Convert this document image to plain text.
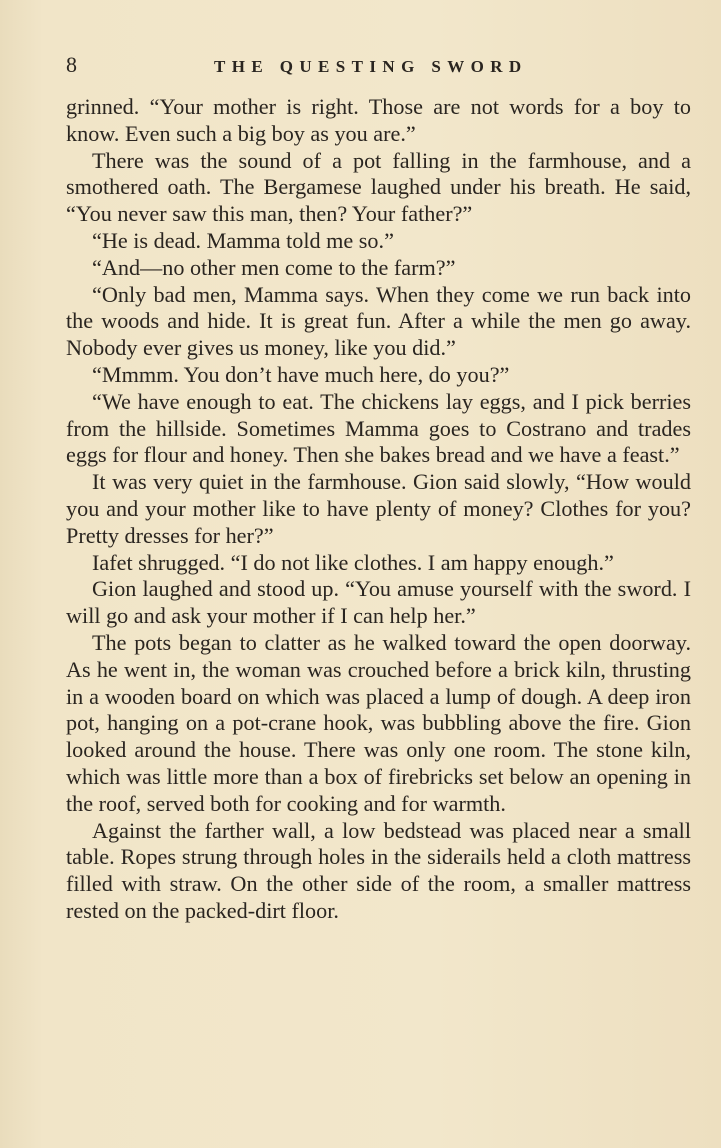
8	THE QUESTING SWORD

grinned. “Your mother is right. Those are not words for a boy to know. Even such a big boy as you are.”

There was the sound of a pot falling in the farmhouse, and a smothered oath. The Bergamese laughed under his breath. He said, “You never saw this man, then? Your father?”

“He is dead. Mamma told me so.”

“And—no other men come to the farm?”

“Only bad men, Mamma says. When they come we run back into the woods and hide. It is great fun. After a while the men go away. Nobody ever gives us money, like you did.”

“Mmmm. You don’t have much here, do you?”

“We have enough to eat. The chickens lay eggs, and I pick berries from the hillside. Sometimes Mamma goes to Costrano and trades eggs for flour and honey. Then she bakes bread and we have a feast.”

It was very quiet in the farmhouse. Gion said slowly, “How would you and your mother like to have plenty of money? Clothes for you? Pretty dresses for her?”

Iafet shrugged. “I do not like clothes. I am happy enough.”

Gion laughed and stood up. “You amuse yourself with the sword. I will go and ask your mother if I can help her.”

The pots began to clatter as he walked toward the open doorway. As he went in, the woman was crouched before a brick kiln, thrusting in a wooden board on which was placed a lump of dough. A deep iron pot, hanging on a pot-crane hook, was bubbling above the fire. Gion looked around the house. There was only one room. The stone kiln, which was little more than a box of firebricks set below an opening in the roof, served both for cooking and for warmth.

Against the farther wall, a low bedstead was placed near a small table. Ropes strung through holes in the siderails held a cloth mattress filled with straw. On the other side of the room, a smaller mattress rested on the packed-dirt floor.
